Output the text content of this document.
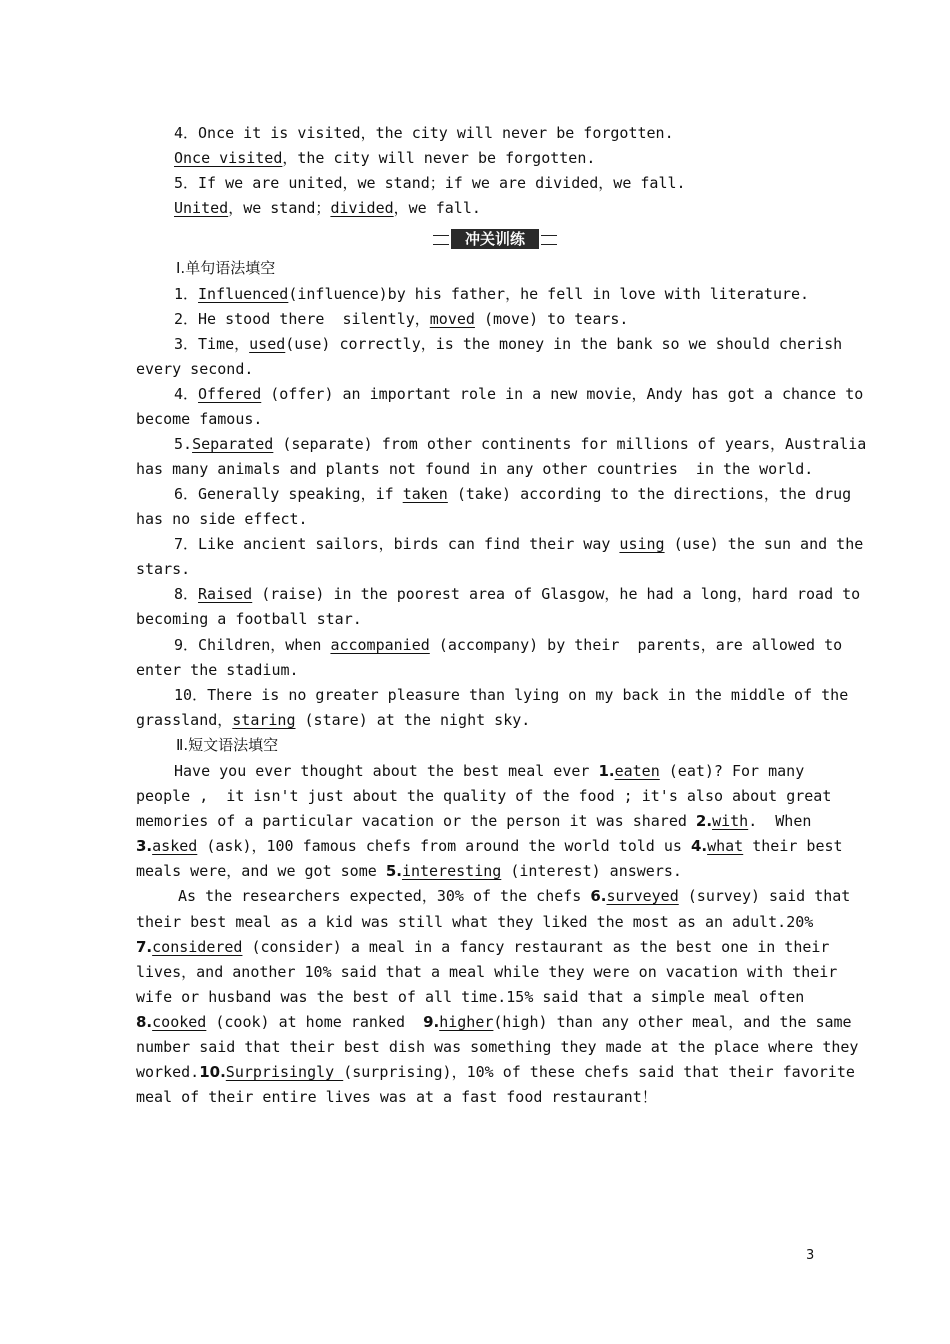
4．Once it is visited，the city will never be forgotten.
Once visited，the city will never be forgotten.
5．If we are united，we stand；if we are divided，we fall.
United，we stand；divided，we fall.
冲关训练
Ⅰ.单句语法填空
1．Influenced(influence)by his father，he fell in love with literature.
2．He stood there  silently，moved (move) to tears.
3．Time，used(use) correctly，is the money in the bank so we should cherish
every second.
4．Offered (offer) an important role in a new movie，Andy has got a chance to
become famous.
5.Separated (separate) from other continents for millions of years，Australia
has many animals and plants not found in any other countries  in the world.
6．Generally speaking，if taken (take) according to the directions，the drug
has no side effect.
7．Like ancient sailors，birds can find their way using (use) the sun and the
stars.
8．Raised (raise) in the poorest area of Glasgow，he had a long，hard road to
becoming a football star.
9．Children，when accompanied (accompany) by their  parents，are allowed to
enter the stadium.
10．There is no greater pleasure than lying on my back in the middle of the
grassland，staring (stare) at the night sky.
Ⅱ.短文语法填空
Have you ever thought about the best meal ever 1.eaten (eat)? For many
people ,  it isn't just about the quality of the food ; it's also about great
memories of a particular vacation or the person it was shared 2.with.  When
3.asked (ask)，100 famous chefs from around the world told us 4.what their best
meals were，and we got some 5.interesting (interest) answers.
As the researchers expected，30% of the chefs 6.surveyed (survey) said that
their best meal as a kid was still what they liked the most as an adult.20%
7.considered (consider) a meal in a fancy restaurant as the best one in their
lives，and another 10% said that a meal while they were on vacation with their
wife or husband was the best of all time.15% said that a simple meal often
8.cooked (cook) at home ranked  9.higher(high) than any other meal，and the same
number said that their best dish was something they made at the place where they
worked.10.Surprisingly (surprising)，10% of these chefs said that their favorite
meal of their entire lives was at a fast food restaurant！
3
